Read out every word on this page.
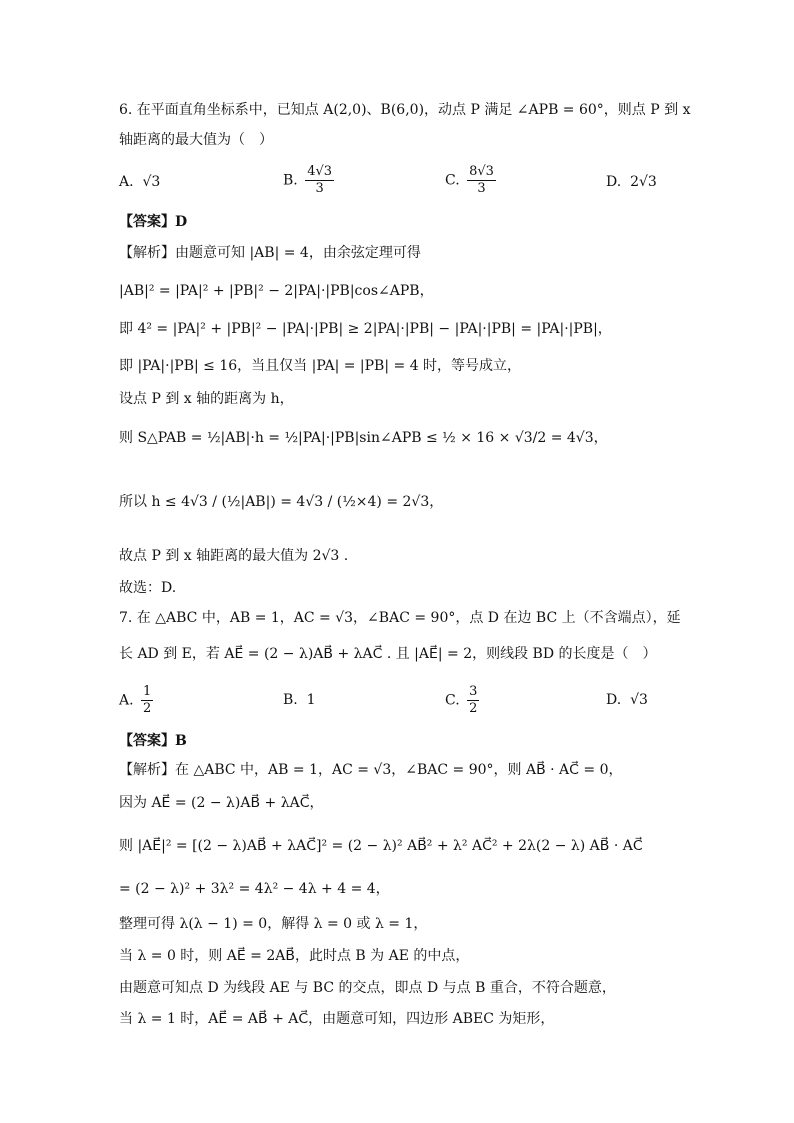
6. 在平面直角坐标系中，已知点 A(2,0)、B(6,0)，动点 P 满足 ∠APB = 60°，则点 P 到 x
轴距离的最大值为（　）
A. √3	B. $\frac{4√3}{3}$	C. $\frac{8√3}{3}$	D. 2√3
【答案】D
【解析】由题意可知 |AB| = 4，由余弦定理可得
|AB|² = |PA|² + |PB|² − 2|PA|·|PB|cos∠APB，
即 4² = |PA|² + |PB|² − |PA|·|PB| ≥ 2|PA|·|PB| − |PA|·|PB| = |PA|·|PB|，
即 |PA|·|PB| ≤ 16，当且仅当 |PA| = |PB| = 4 时，等号成立，
设点 P 到 x 轴的距离为 h，
则 S△PAB = ½|AB|·h = ½|PA|·|PB|sin∠APB ≤ ½ × 16 × √3/2 = 4√3，
所以 h ≤ 4√3 / (½|AB|) = 4√3 / (½×4) = 2√3，
故点 P 到 x 轴距离的最大值为 2√3 .
故选：D.
7. 在 △ABC 中，AB = 1，AC = √3，∠BAC = 90°，点 D 在边 BC 上（不含端点），延
长 AD 到 E，若 AE⃗ = (2 − λ)AB⃗ + λAC⃗ . 且 |AE⃗| = 2，则线段 BD 的长度是（　）
A. $\frac{1}{2}$	B. 1	C. $\frac{3}{2}$	D. √3
【答案】B
【解析】在 △ABC 中，AB = 1，AC = √3，∠BAC = 90°，则 AB⃗ · AC⃗ = 0，
因为 AE⃗ = (2 − λ)AB⃗ + λAC⃗，
则 |AE⃗|² = [(2 − λ)AB⃗ + λAC⃗]² = (2 − λ)² AB⃗² + λ² AC⃗² + 2λ(2 − λ) AB⃗ · AC⃗
= (2 − λ)² + 3λ² = 4λ² − 4λ + 4 = 4，
整理可得 λ(λ − 1) = 0，解得 λ = 0 或 λ = 1，
当 λ = 0 时，则 AE⃗ = 2AB⃗，此时点 B 为 AE 的中点，
由题意可知点 D 为线段 AE 与 BC 的交点，即点 D 与点 B 重合，不符合题意，
当 λ = 1 时，AE⃗ = AB⃗ + AC⃗，由题意可知，四边形 ABEC 为矩形，
